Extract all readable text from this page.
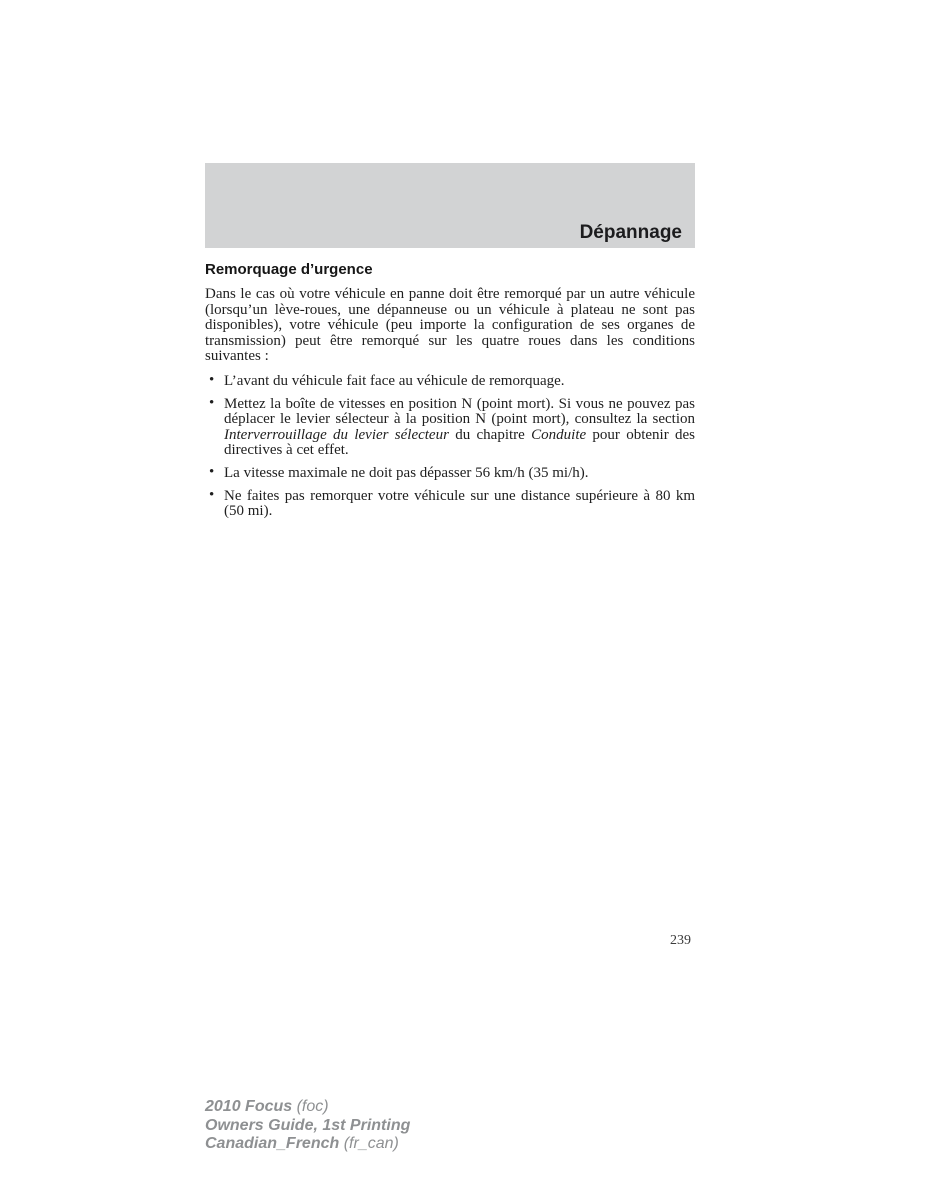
Dépannage
Remorquage d’urgence

Dans le cas où votre véhicule en panne doit être remorqué par un autre véhicule (lorsqu’un lève-roues, une dépanneuse ou un véhicule à plateau ne sont pas disponibles), votre véhicule (peu importe la configuration de ses organes de transmission) peut être remorqué sur les quatre roues dans les conditions suivantes :

• L’avant du véhicule fait face au véhicule de remorquage.
• Mettez la boîte de vitesses en position N (point mort). Si vous ne pouvez pas déplacer le levier sélecteur à la position N (point mort), consultez la section Interverrouillage du levier sélecteur du chapitre Conduite pour obtenir des directives à cet effet.
• La vitesse maximale ne doit pas dépasser 56 km/h (35 mi/h).
• Ne faites pas remorquer votre véhicule sur une distance supérieure à 80 km (50 mi).
239
2010 Focus (foc)
Owners Guide, 1st Printing
Canadian_French (fr_can)
